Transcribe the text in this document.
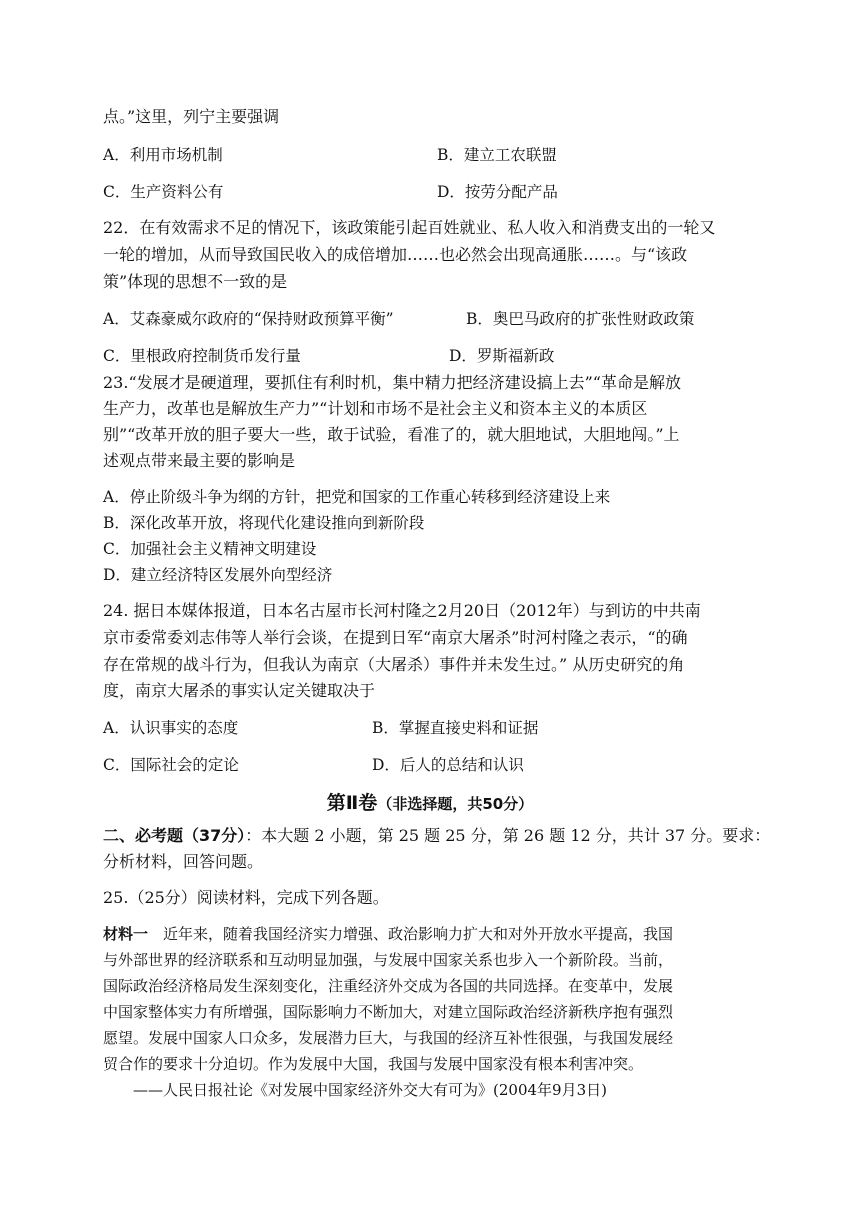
点。”这里，列宁主要强调
A．利用市场机制	B．建立工农联盟
C．生产资料公有	D．按劳分配产品
22．在有效需求不足的情况下，该政策能引起百姓就业、私人收入和消费支出的一轮又
一轮的增加，从而导致国民收入的成倍增加……也必然会出现高通胀……。与“该政
策”体现的思想不一致的是
A．艾森豪威尔政府的“保持财政预算平衡”	B．奥巴马政府的扩张性财政政策
C．里根政府控制货币发行量	D．罗斯福新政
23.“发展才是硬道理，要抓住有利时机，集中精力把经济建设搞上去”“革命是解放
生产力，改革也是解放生产力”“计划和市场不是社会主义和资本主义的本质区
别”“改革开放的胆子要大一些，敢于试验，看准了的，就大胆地试，大胆地闯。”上
述观点带来最主要的影响是
A．停止阶级斗争为纲的方针，把党和国家的工作重心转移到经济建设上来
B．深化改革开放，将现代化建设推向到新阶段
C．加强社会主义精神文明建设
D．建立经济特区发展外向型经济
24. 据日本媒体报道，日本名古屋市长河村隆之2月20日（2012年）与到访的中共南
京市委常委刘志伟等人举行会谈，在提到日军“南京大屠杀”时河村隆之表示，“的确
存在常规的战斗行为，但我认为南京（大屠杀）事件并未发生过。” 从历史研究的角
度，南京大屠杀的事实认定关键取决于
A．认识事实的态度	B．掌握直接史料和证据
C．国际社会的定论	D．后人的总结和认识
第Ⅱ卷（非选择题，共50分）
二、必考题（37分）：本大题 2 小题，第 25 题 25 分，第 26 题 12 分，共计 37 分。要求：
分析材料，回答问题。
25.（25分）阅读材料，完成下列各题。
材料一　近年来，随着我国经济实力增强、政治影响力扩大和对外开放水平提高，我国
与外部世界的经济联系和互动明显加强，与发展中国家关系也步入一个新阶段。当前，
国际政治经济格局发生深刻变化，注重经济外交成为各国的共同选择。在变革中，发展
中国家整体实力有所增强，国际影响力不断加大，对建立国际政治经济新秩序抱有强烈
愿望。发展中国家人口众多，发展潜力巨大，与我国的经济互补性很强，与我国发展经
贸合作的要求十分迫切。作为发展中大国，我国与发展中国家没有根本利害冲突。
——人民日报社论《对发展中国家经济外交大有可为》(2004年9月3日)
